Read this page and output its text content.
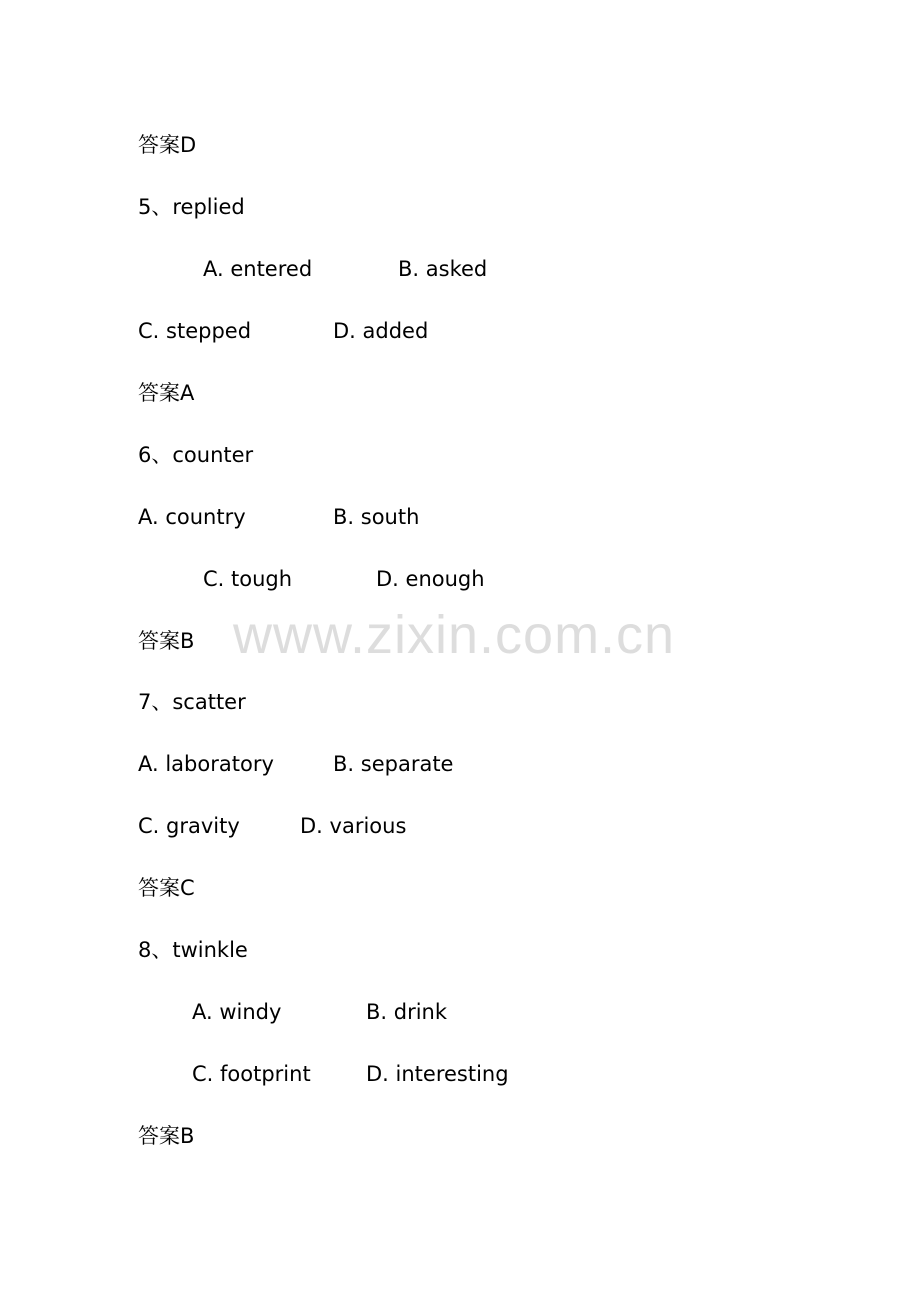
答案D
5、replied
A. entered	B. asked
C. stepped	D. added
答案A
6、counter
A. country	B. south
C. tough	D. enough
答案B
7、scatter
A. laboratory	B. separate
C. gravity	D. various
答案C
8、twinkle
A. windy	B. drink
C. footprint	D. interesting
答案B
www.zixin.com.cn
